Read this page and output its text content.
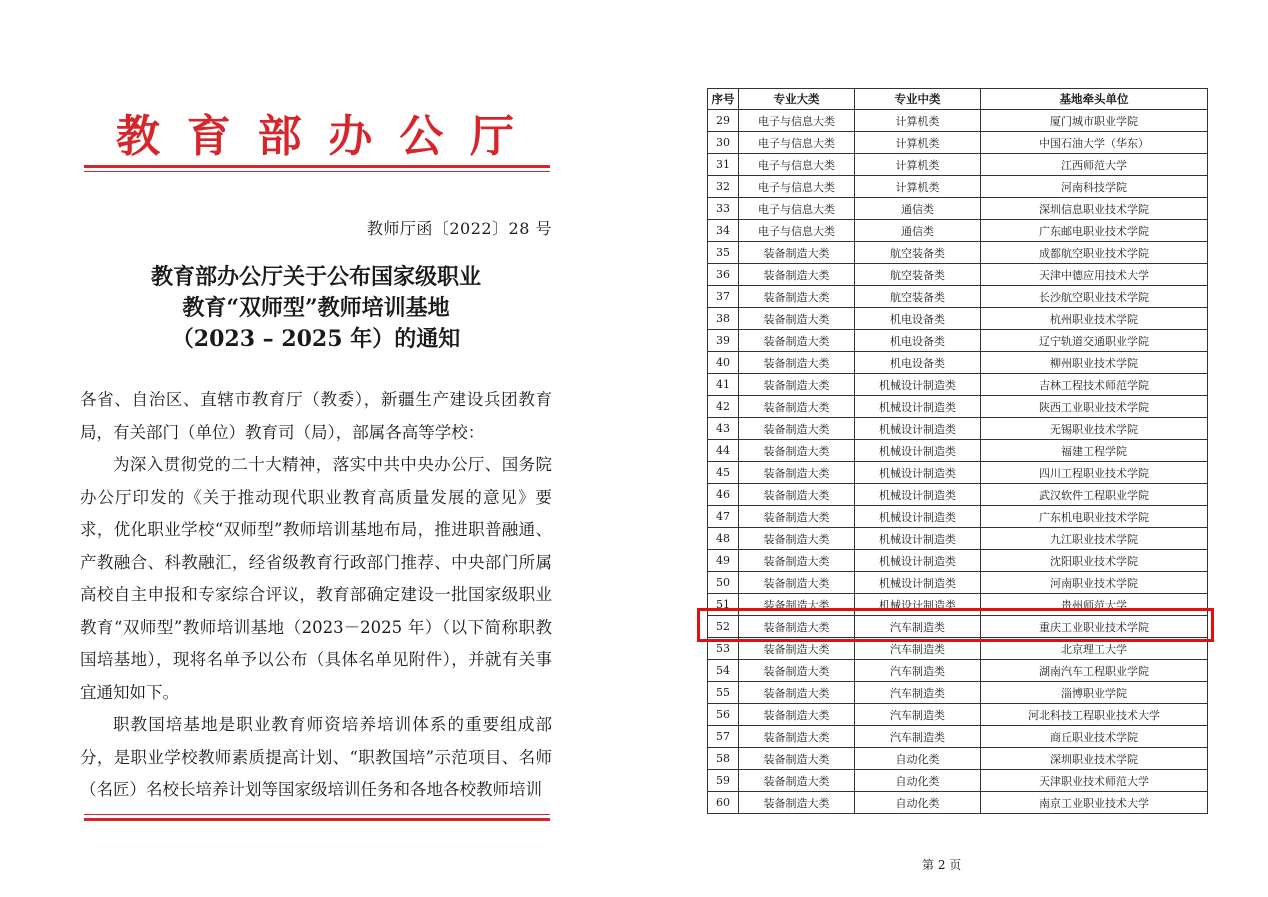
教 育 部 办 公 厅
教师厅函〔2022〕28 号
教育部办公厅关于公布国家级职业
教育“双师型”教师培训基地
（2023 – 2025 年）的通知

各省、自治区、直辖市教育厅（教委），新疆生产建设兵团教育局，有关部门（单位）教育司（局），部属各高等学校：

为深入贯彻党的二十大精神，落实中共中央办公厅、国务院办公厅印发的《关于推动现代职业教育高质量发展的意见》要求，优化职业学校“双师型”教师培训基地布局，推进职普融通、产教融合、科教融汇，经省级教育行政部门推荐、中央部门所属高校自主申报和专家综合评议，教育部确定建设一批国家级职业教育“双师型”教师培训基地（2023－2025 年）（以下简称职教国培基地），现将名单予以公布（具体名单见附件），并就有关事宜通知如下。

职教国培基地是职业教育师资培养培训体系的重要组成部分，是职业学校教师素质提高计划、“职教国培”示范项目、名师（名匠）名校长培养计划等国家级培训任务和各地各校教师培训

序号	专业大类	专业中类	基地牵头单位
29	电子与信息大类	计算机类	厦门城市职业学院
30	电子与信息大类	计算机类	中国石油大学（华东）
31	电子与信息大类	计算机类	江西师范大学
32	电子与信息大类	计算机类	河南科技学院
33	电子与信息大类	通信类	深圳信息职业技术学院
34	电子与信息大类	通信类	广东邮电职业技术学院
35	装备制造大类	航空装备类	成都航空职业技术学院
36	装备制造大类	航空装备类	天津中德应用技术大学
37	装备制造大类	航空装备类	长沙航空职业技术学院
38	装备制造大类	机电设备类	杭州职业技术学院
39	装备制造大类	机电设备类	辽宁轨道交通职业学院
40	装备制造大类	机电设备类	柳州职业技术学院
41	装备制造大类	机械设计制造类	吉林工程技术师范学院
42	装备制造大类	机械设计制造类	陕西工业职业技术学院
43	装备制造大类	机械设计制造类	无锡职业技术学院
44	装备制造大类	机械设计制造类	福建工程学院
45	装备制造大类	机械设计制造类	四川工程职业技术学院
46	装备制造大类	机械设计制造类	武汉软件工程职业学院
47	装备制造大类	机械设计制造类	广东机电职业技术学院
48	装备制造大类	机械设计制造类	九江职业技术学院
49	装备制造大类	机械设计制造类	沈阳职业技术学院
50	装备制造大类	机械设计制造类	河南职业技术学院
51	装备制造大类	机械设计制造类	贵州师范大学
52	装备制造大类	汽车制造类	重庆工业职业技术学院
53	装备制造大类	汽车制造类	北京理工大学
54	装备制造大类	汽车制造类	湖南汽车工程职业学院
55	装备制造大类	汽车制造类	淄博职业学院
56	装备制造大类	汽车制造类	河北科技工程职业技术大学
57	装备制造大类	汽车制造类	商丘职业技术学院
58	装备制造大类	自动化类	深圳职业技术学院
59	装备制造大类	自动化类	天津职业技术师范大学
60	装备制造大类	自动化类	南京工业职业技术大学
第 2 页
